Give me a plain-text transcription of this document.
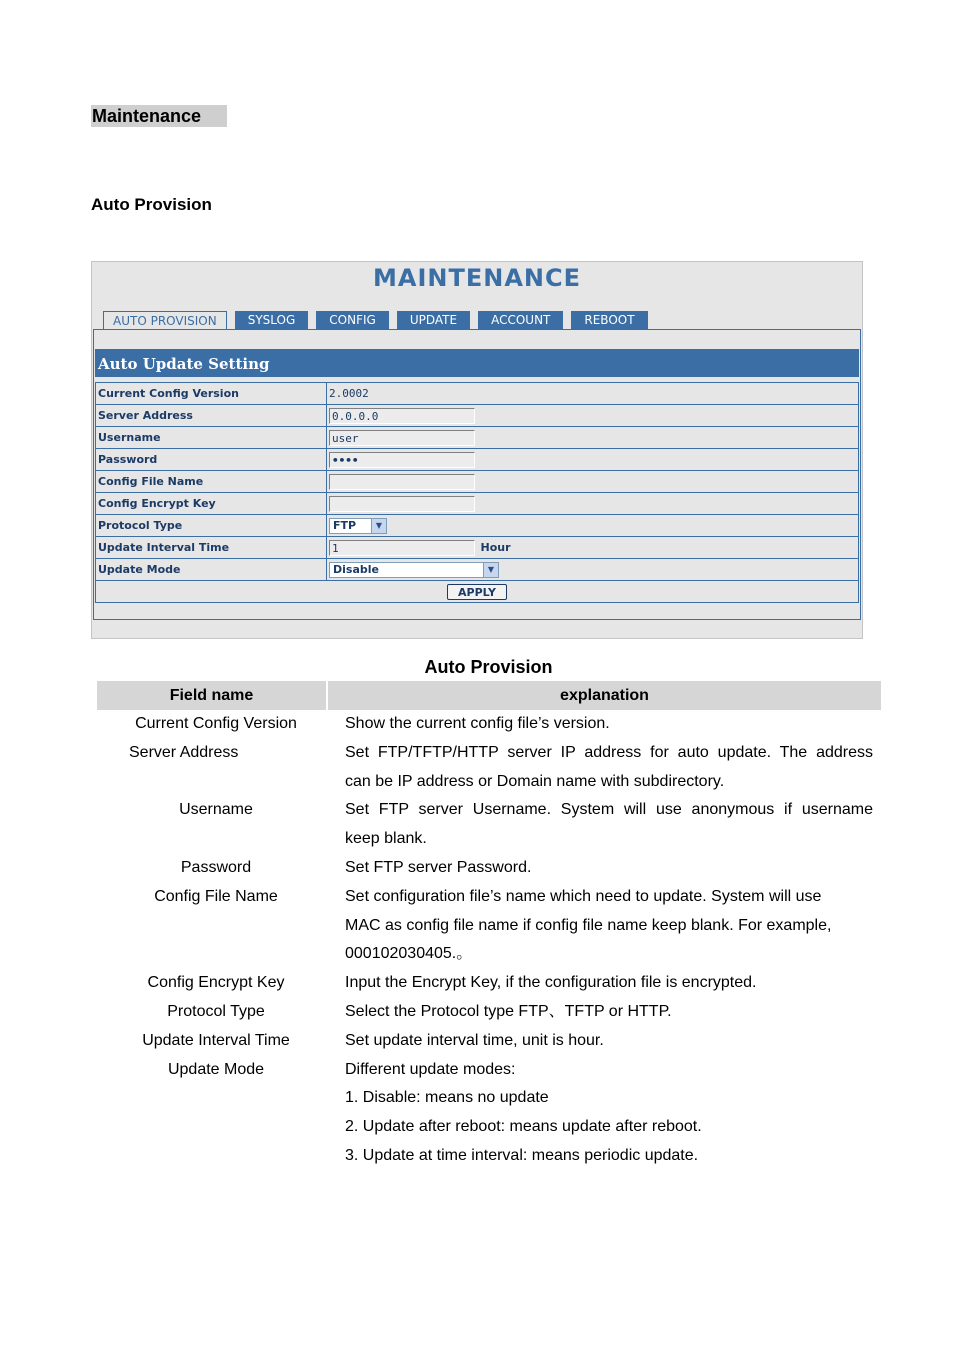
Maintenance
Auto Provision
MAINTENANCE
AUTO PROVISION	SYSLOG	CONFIG	UPDATE	ACCOUNT	REBOOT
Auto Update Setting
Current Config Version	2.0002
Server Address	0.0.0.0
Username	user
Password	••••
Config File Name	
Config Encrypt Key	
Protocol Type	FTP ▼

Update Interval Time	1 Hour
Update Mode	Disable ▼

APPLY	
Auto Provision
Field name	explanation
Current Config Version	Show the current config file’s version.
Server Address	Set FTP/TFTP/HTTP server IP address for auto update. The address
can be IP address or Domain name with subdirectory.
Username	Set FTP server Username. System will use anonymous if username
keep blank.
Password	Set FTP server Password.
Config File Name	Set configuration file’s name which need to update. System will use
MAC as config file name if config file name keep blank. For example,
000102030405.。
Config Encrypt Key	Input the Encrypt Key, if the configuration file is encrypted.
Protocol Type	Select the Protocol type FTP、TFTP or HTTP.
Update Interval Time	Set update interval time, unit is hour.
Update Mode	Different update modes:
1. Disable: means no update
2. Update after reboot: means update after reboot.
3. Update at time interval: means periodic update.
